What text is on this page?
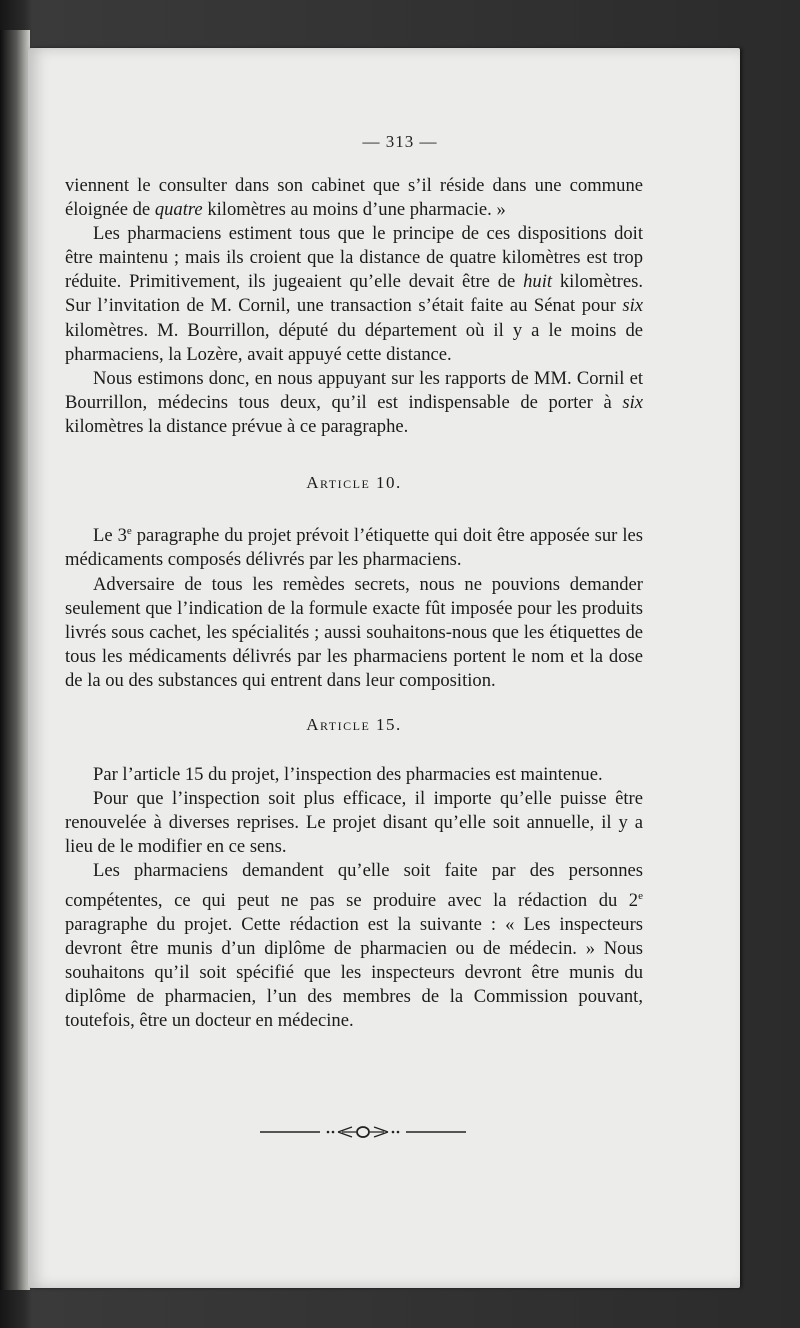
— 313 —

viennent le consulter dans son cabinet que s’il réside dans une commune éloignée de quatre kilomètres au moins d’une pharmacie. »

Les pharmaciens estiment tous que le principe de ces dispositions doit être maintenu ; mais ils croient que la distance de quatre kilomètres est trop réduite. Primitivement, ils jugeaient qu’elle devait être de huit kilomètres. Sur l’invitation de M. Cornil, une transaction s’était faite au Sénat pour six kilomètres. M. Bourrillon, député du département où il y a le moins de pharmaciens, la Lozère, avait appuyé cette distance.

Nous estimons donc, en nous appuyant sur les rapports de MM. Cornil et Bourrillon, médecins tous deux, qu’il est indispensable de porter à six kilomètres la distance prévue à ce paragraphe.

Article 10.

Le 3e paragraphe du projet prévoit l’étiquette qui doit être apposée sur les médicaments composés délivrés par les pharmaciens.

Adversaire de tous les remèdes secrets, nous ne pouvions demander seulement que l’indication de la formule exacte fût imposée pour les produits livrés sous cachet, les spécialités ; aussi souhaitons-nous que les étiquettes de tous les médicaments délivrés par les pharmaciens portent le nom et la dose de la ou des substances qui entrent dans leur composition.

Article 15.

Par l’article 15 du projet, l’inspection des pharmacies est maintenue.

Pour que l’inspection soit plus efficace, il importe qu’elle puisse être renouvelée à diverses reprises. Le projet disant qu’elle soit annuelle, il y a lieu de le modifier en ce sens.

Les pharmaciens demandent qu’elle soit faite par des personnes compétentes, ce qui peut ne pas se produire avec la rédaction du 2e paragraphe du projet. Cette rédaction est la suivante : « Les inspecteurs devront être munis d’un diplôme de pharmacien ou de médecin. » Nous souhaitons qu’il soit spécifié que les inspecteurs devront être munis du diplôme de pharmacien, l’un des membres de la Commission pouvant, toutefois, être un docteur en médecine.
